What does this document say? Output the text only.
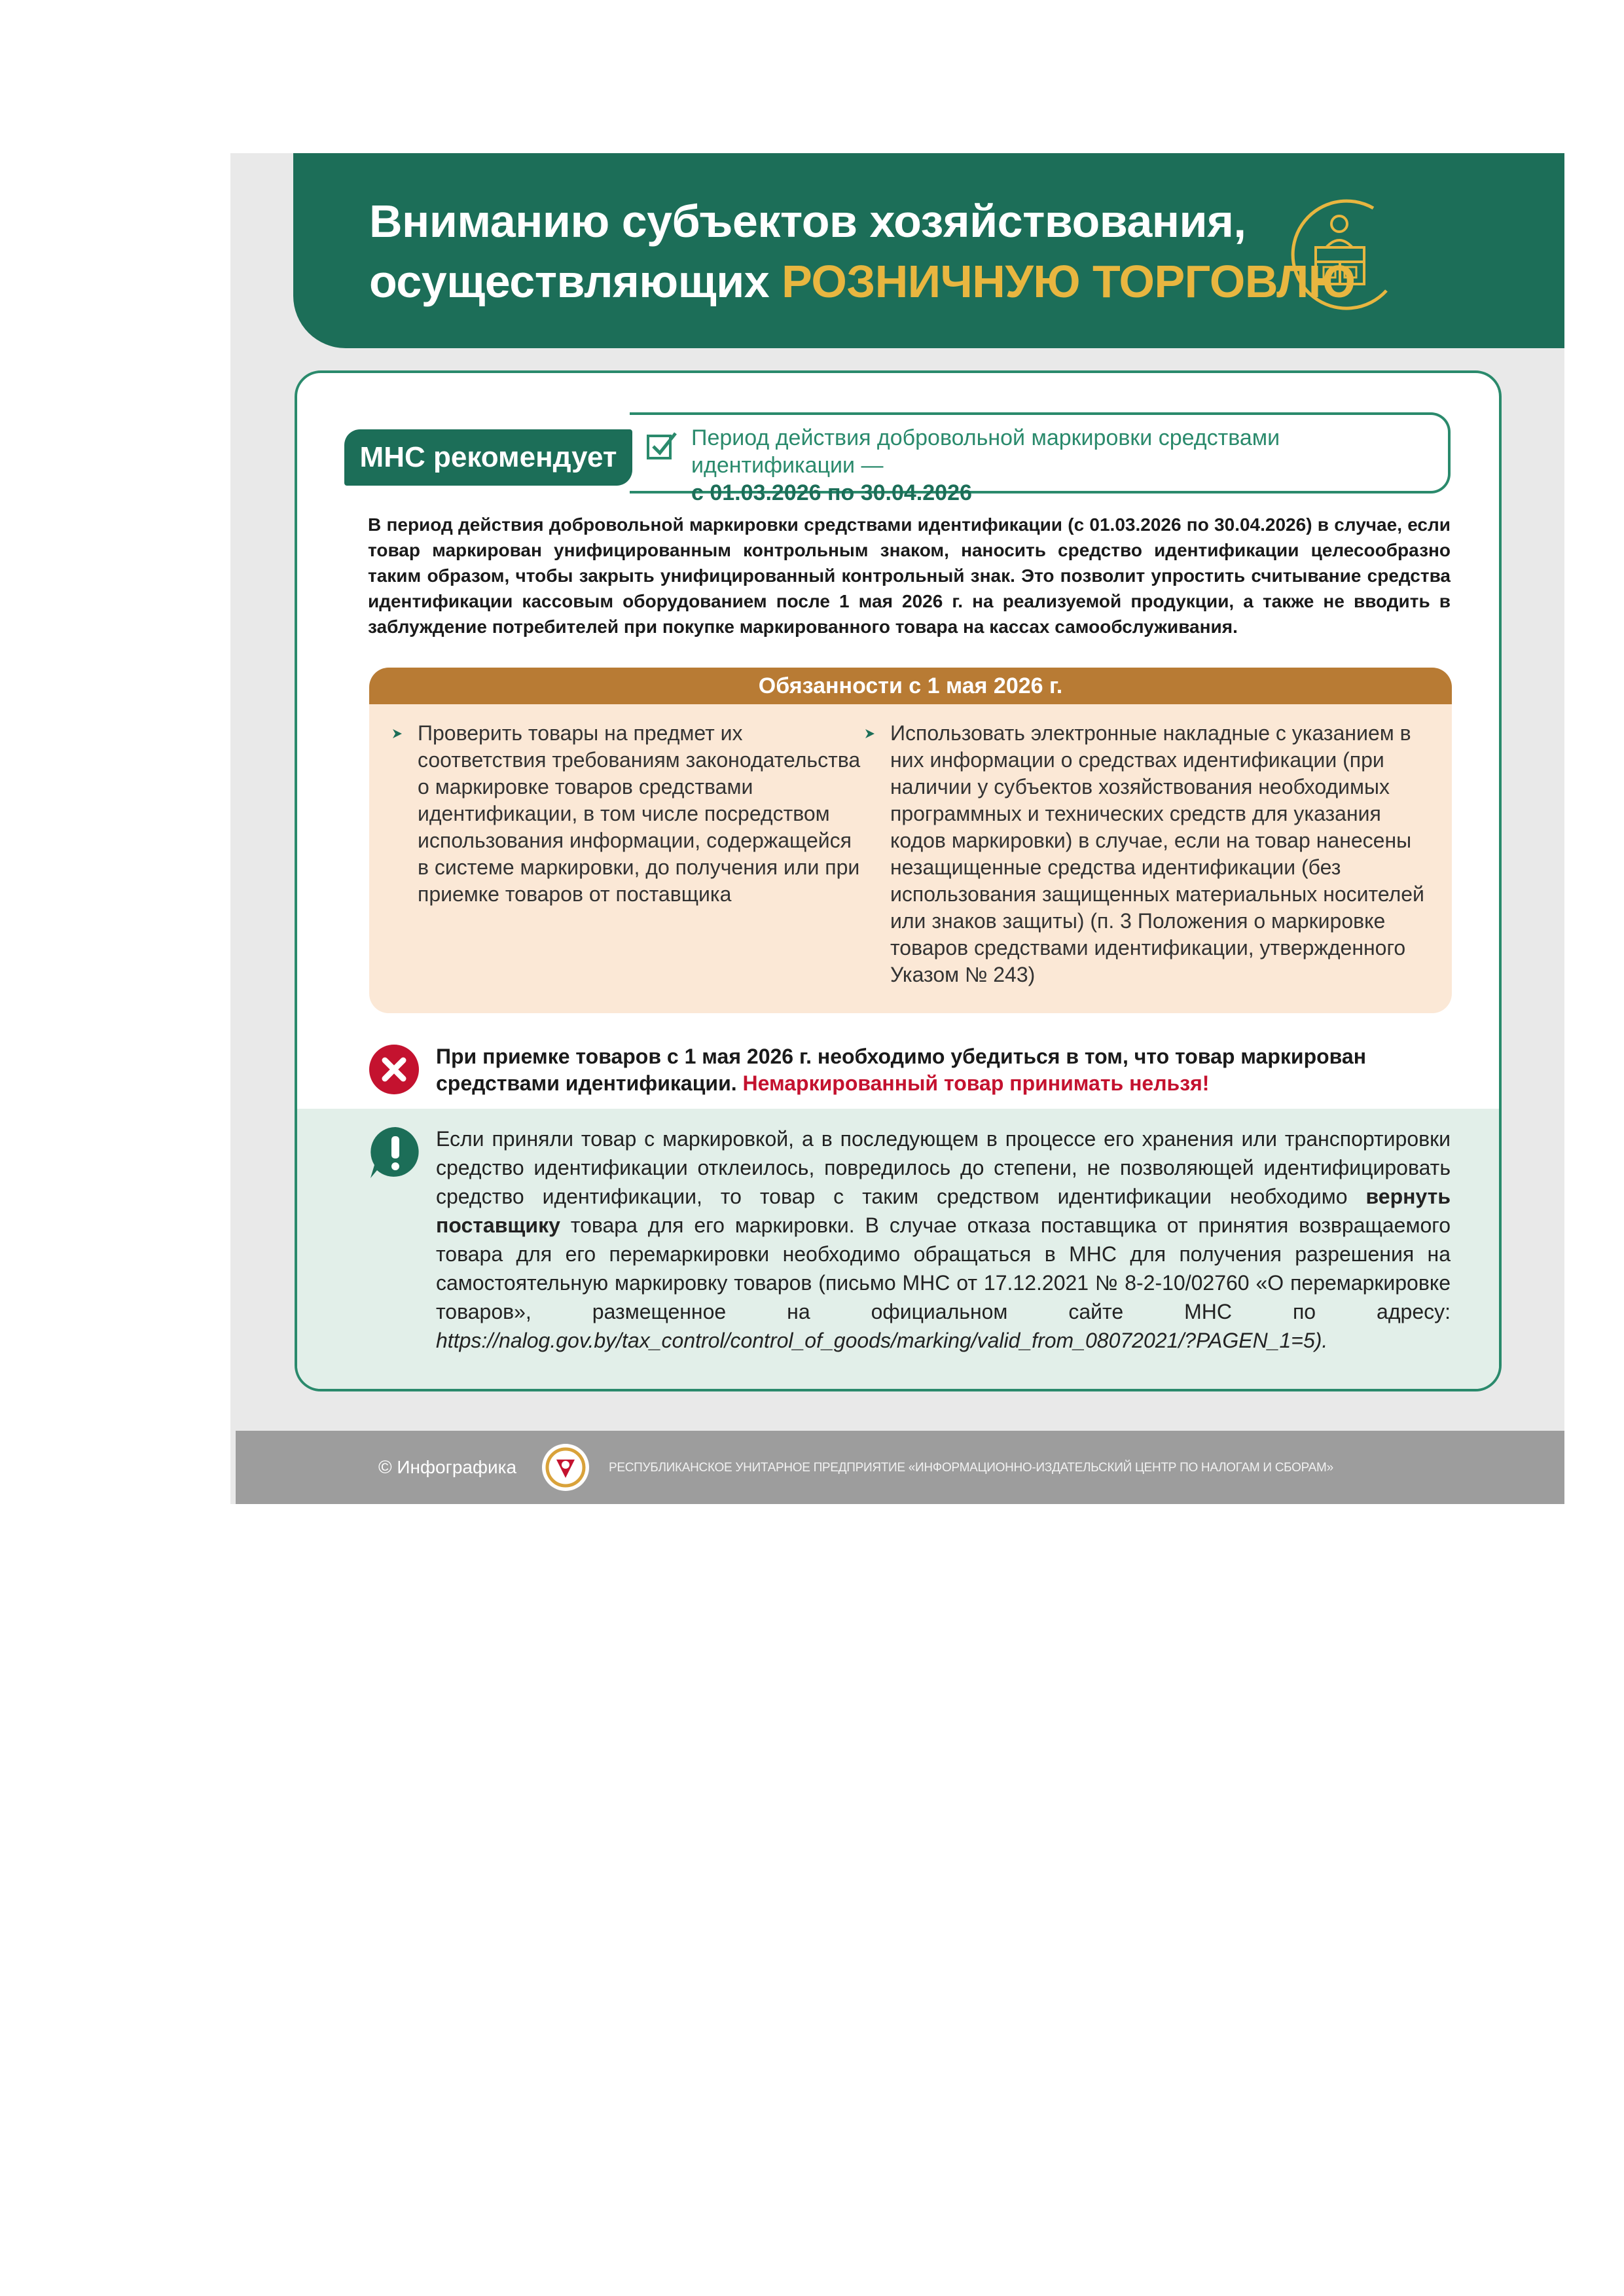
Вниманию субъектов хозяйствования,
осуществляющих РОЗНИЧНУЮ ТОРГОВЛЮ
Период действия добровольной маркировки средствами идентификации —
с 01.03.2026 по 30.04.2026
МНС рекомендует

В период действия добровольной маркировки средствами идентификации (с 01.03.2026 по 30.04.2026) в случае, если товар маркирован унифицированным контрольным знаком, наносить средство идентификации целесообразно таким образом, чтобы закрыть унифицированный контрольный знак. Это позволит упростить считывание средства идентификации кассовым оборудованием после 1 мая 2026 г. на реализуемой продукции, а также не вводить в заблуждение потребителей при покупке маркированного товара на кассах самообслуживания.

Обязанности с 1 мая 2026 г.
Проверить товары на предмет их соответствия требованиям законодательства о маркировке товаров средствами идентификации, в том числе посредством использования информации, содержащейся в системе маркировки, до получения или при приемке товаров от поставщика
Использовать электронные накладные с указанием в них информации о средствах идентификации (при наличии у субъектов хозяйствования необходимых программных и технических средств для указания кодов маркировки) в случае, если на товар нанесены незащищенные средства идентификации (без использования защищенных материальных носителей или знаков защиты) (п. 3 Положения о маркировке товаров средствами идентификации, утвержденного Указом № 243)
При приемке товаров с 1 мая 2026 г. необходимо убедиться в том, что товар маркирован средствами идентификации. Немаркированный товар принимать нельзя!

Если приняли товар с маркировкой, а в последующем в процессе его хранения или транспортировки средство идентификации отклеилось, повредилось до степени, не позволяющей идентифицировать средство идентификации, то товар с таким средством идентификации необходимо вернуть поставщику товара для его маркировки. В случае отказа поставщика от принятия возвращаемого товара для его перемаркировки необходимо обращаться в МНС для получения разрешения на самостоятельную маркировку товаров (письмо МНС от 17.12.2021 № 8-2-10/02760 «О перемаркировке товаров», размещенное на официальном сайте МНС по адресу: https://nalog.gov.by/tax_control/control_of_goods/marking/valid_from_08072021/?PAGEN_1=5).

© Инфографика	РЕСПУБЛИКАНСКОЕ УНИТАРНОЕ ПРЕДПРИЯТИЕ «ИНФОРМАЦИОННО-ИЗДАТЕЛЬСКИЙ ЦЕНТР ПО НАЛОГАМ И СБОРАМ»
